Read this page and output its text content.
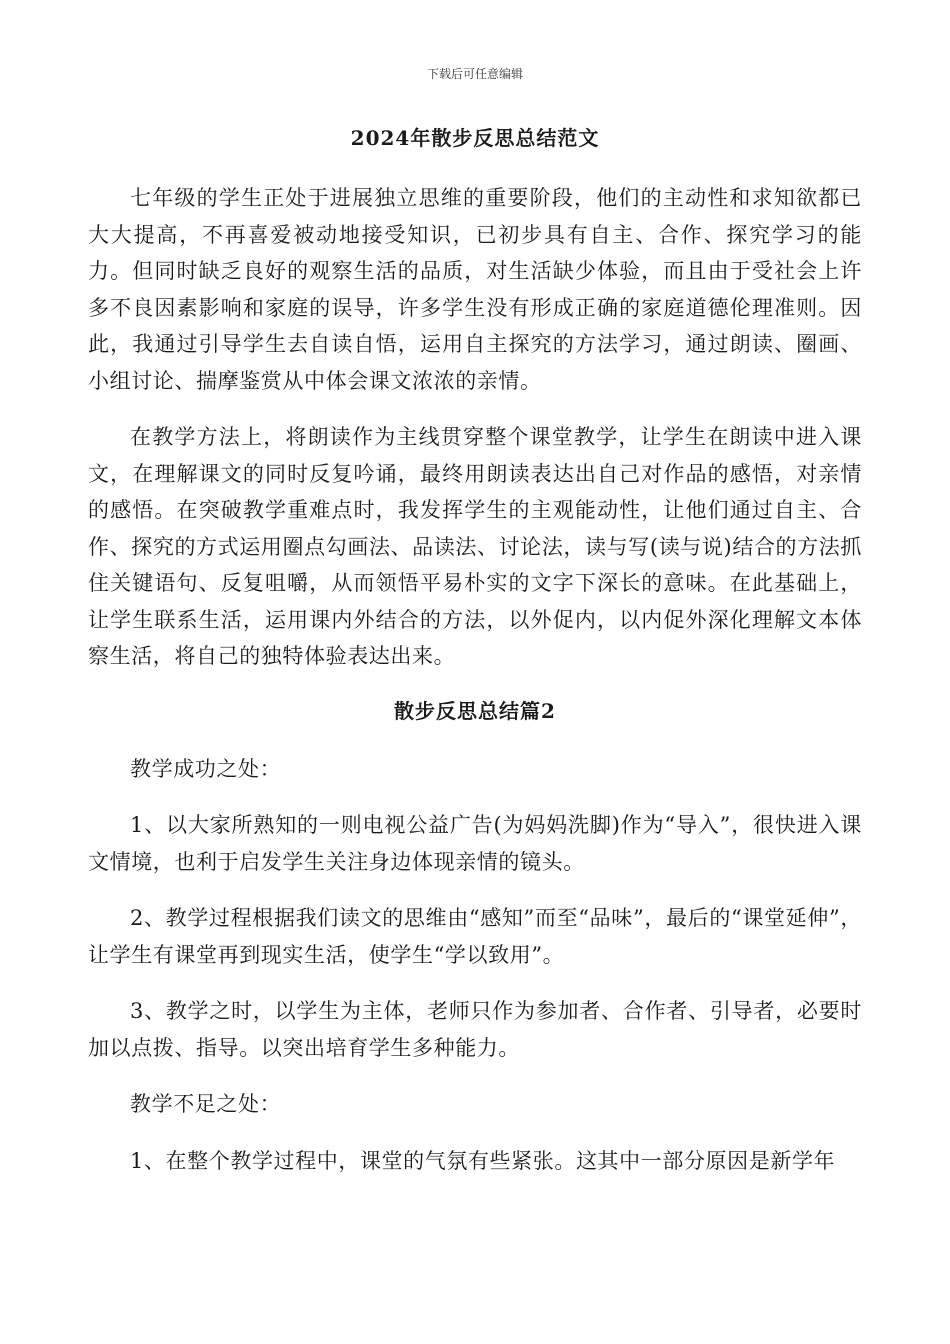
下载后可任意编辑
2024年散步反思总结范文

七年级的学生正处于进展独立思维的重要阶段，他们的主动性和求知欲都已大大提高，不再喜爱被动地接受知识，已初步具有自主、合作、探究学习的能力。但同时缺乏良好的观察生活的品质，对生活缺少体验，而且由于受社会上许多不良因素影响和家庭的误导，许多学生没有形成正确的家庭道德伦理准则。因此，我通过引导学生去自读自悟，运用自主探究的方法学习，通过朗读、圈画、小组讨论、揣摩鉴赏从中体会课文浓浓的亲情。

在教学方法上，将朗读作为主线贯穿整个课堂教学，让学生在朗读中进入课文，在理解课文的同时反复吟诵，最终用朗读表达出自己对作品的感悟，对亲情的感悟。在突破教学重难点时，我发挥学生的主观能动性，让他们通过自主、合作、探究的方式运用圈点勾画法、品读法、讨论法，读与写(读与说)结合的方法抓住关键语句、反复咀嚼，从而领悟平易朴实的文字下深长的意味。在此基础上，让学生联系生活，运用课内外结合的方法，以外促内，以内促外深化理解文本体察生活，将自己的独特体验表达出来。

散步反思总结篇2

教学成功之处：

1、以大家所熟知的一则电视公益广告(为妈妈洗脚)作为“导入”，很快进入课文情境，也利于启发学生关注身边体现亲情的镜头。

2、教学过程根据我们读文的思维由“感知”而至“品味”，最后的“课堂延伸”，让学生有课堂再到现实生活，使学生“学以致用”。

3、教学之时，以学生为主体，老师只作为参加者、合作者、引导者，必要时加以点拨、指导。以突出培育学生多种能力。

教学不足之处：

1、在整个教学过程中，课堂的气氛有些紧张。这其中一部分原因是新学年
